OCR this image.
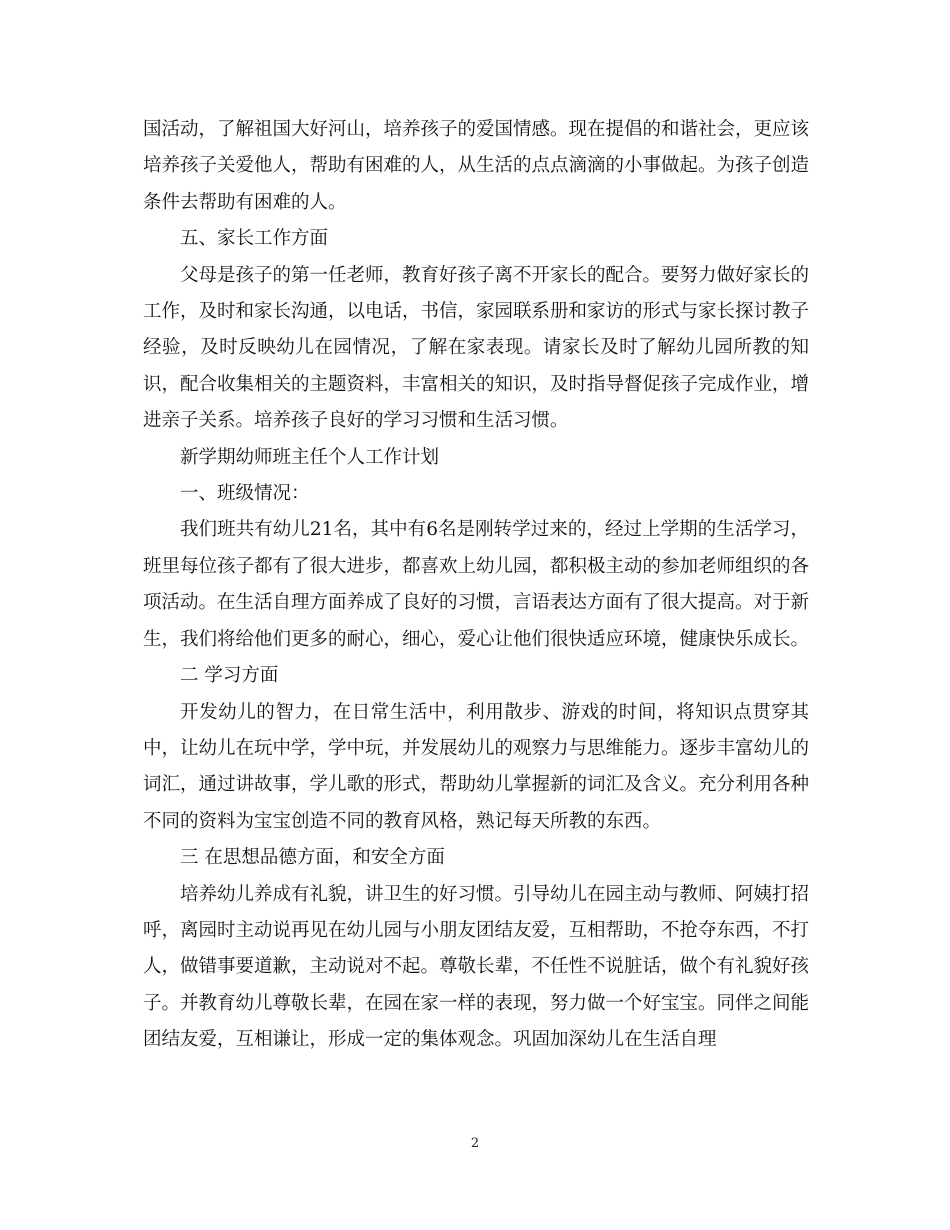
国活动，了解祖国大好河山，培养孩子的爱国情感。现在提倡的和谐社会，更应该培养孩子关爱他人，帮助有困难的人，从生活的点点滴滴的小事做起。为孩子创造条件去帮助有困难的人。

五、家长工作方面

父母是孩子的第一任老师，教育好孩子离不开家长的配合。要努力做好家长的工作，及时和家长沟通，以电话，书信，家园联系册和家访的形式与家长探讨教子经验，及时反映幼儿在园情况，了解在家表现。请家长及时了解幼儿园所教的知识，配合收集相关的主题资料，丰富相关的知识，及时指导督促孩子完成作业，增进亲子关系。培养孩子良好的学习习惯和生活习惯。

新学期幼师班主任个人工作计划

一、班级情况：

我们班共有幼儿21名，其中有6名是刚转学过来的，经过上学期的生活学习，班里每位孩子都有了很大进步，都喜欢上幼儿园，都积极主动的参加老师组织的各项活动。在生活自理方面养成了良好的习惯，言语表达方面有了很大提高。对于新生，我们将给他们更多的耐心，细心，爱心让他们很快适应环境，健康快乐成长。

二 学习方面

开发幼儿的智力，在日常生活中，利用散步、游戏的时间，将知识点贯穿其中，让幼儿在玩中学，学中玩，并发展幼儿的观察力与思维能力。逐步丰富幼儿的词汇，通过讲故事，学儿歌的形式，帮助幼儿掌握新的词汇及含义。充分利用各种不同的资料为宝宝创造不同的教育风格，熟记每天所教的东西。

三 在思想品德方面，和安全方面

培养幼儿养成有礼貌，讲卫生的好习惯。引导幼儿在园主动与教师、阿姨打招呼，离园时主动说再见在幼儿园与小朋友团结友爱，互相帮助，不抢夺东西，不打人，做错事要道歉，主动说对不起。尊敬长辈，不任性不说脏话，做个有礼貌好孩子。并教育幼儿尊敬长辈，在园在家一样的表现，努力做一个好宝宝。同伴之间能团结友爱，互相谦让，形成一定的集体观念。巩固加深幼儿在生活自理

2
